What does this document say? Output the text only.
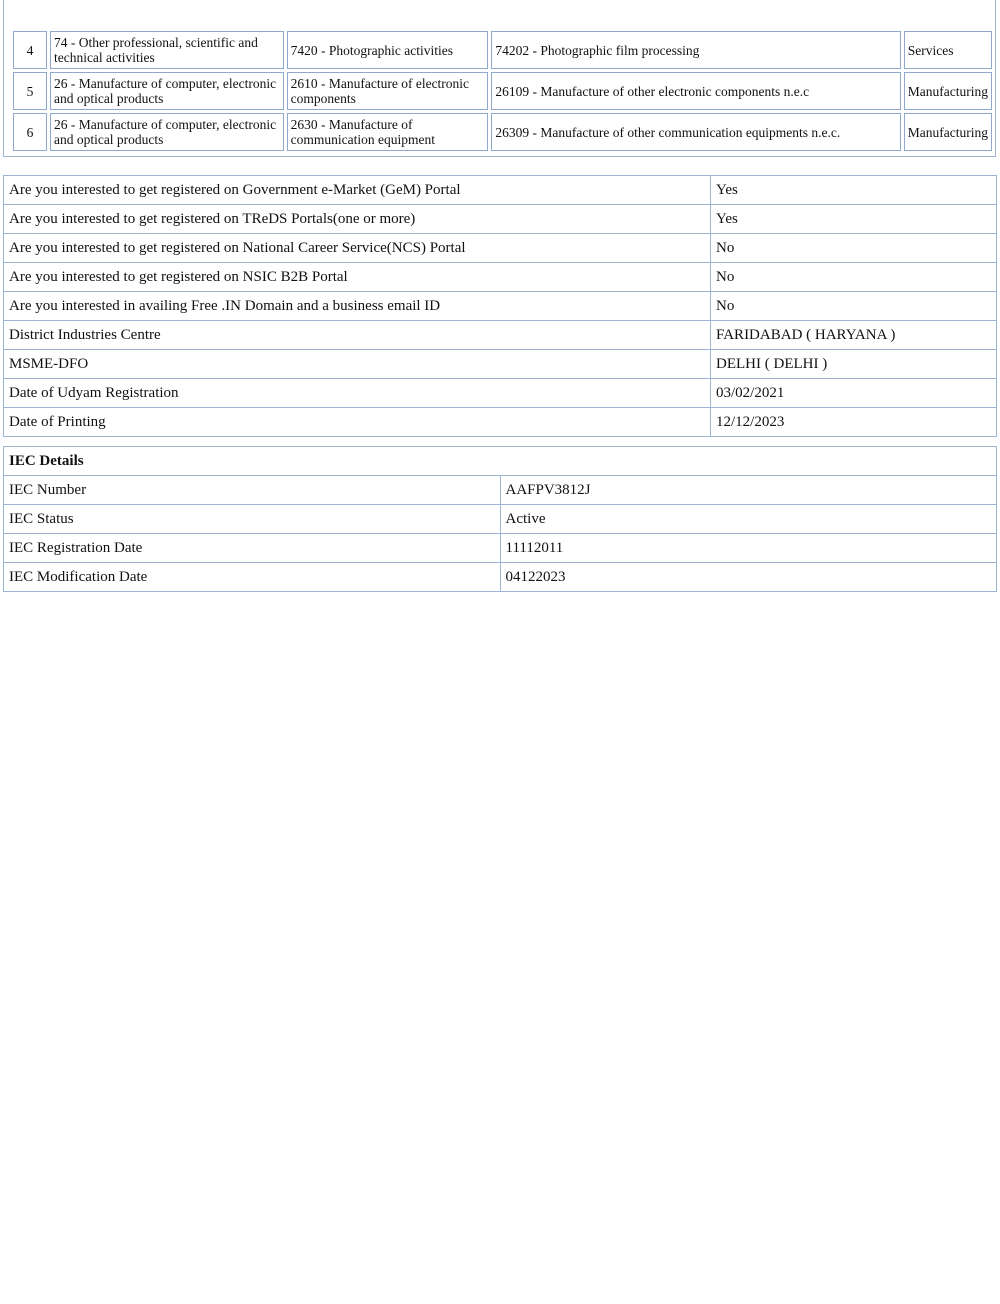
4	74 - Other professional, scientific and technical activities	7420 - Photographic activities	74202 - Photographic film processing	Services
5	26 - Manufacture of computer, electronic and optical products	2610 - Manufacture of electronic components	26109 - Manufacture of other electronic components n.e.c	Manufacturing
6	26 - Manufacture of computer, electronic and optical products	2630 - Manufacture of communication equipment	26309 - Manufacture of other communication equipments n.e.c.	Manufacturing
Are you interested to get registered on Government e-Market (GeM) Portal	Yes
Are you interested to get registered on TReDS Portals(one or more)	Yes
Are you interested to get registered on National Career Service(NCS) Portal	No
Are you interested to get registered on NSIC B2B Portal	No
Are you interested in availing Free .IN Domain and a business email ID	No
District Industries Centre	FARIDABAD ( HARYANA )
MSME-DFO	DELHI ( DELHI )
Date of Udyam Registration	03/02/2021
Date of Printing	12/12/2023
IEC Details	
IEC Number	AAFPV3812J
IEC Status	Active
IEC Registration Date	11112011
IEC Modification Date	04122023
